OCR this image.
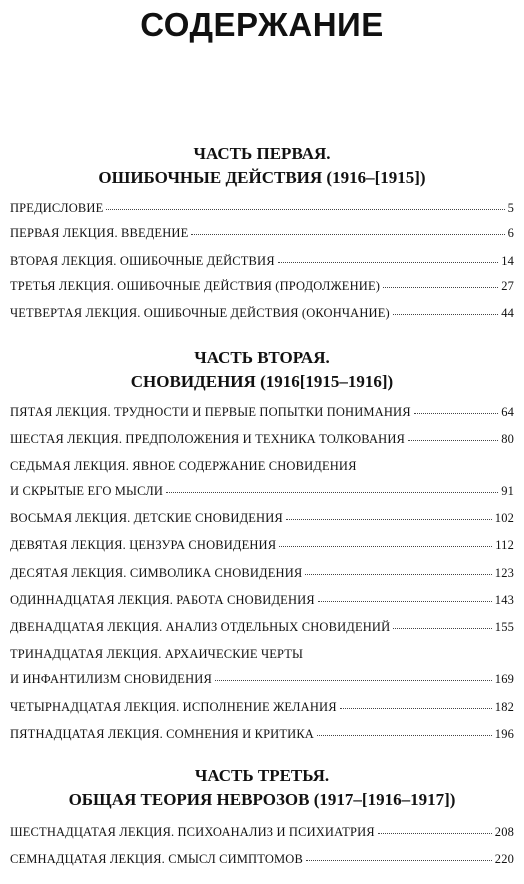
СОДЕРЖАНИЕ
ЧАСТЬ ПЕРВАЯ.
ОШИБОЧНЫЕ ДЕЙСТВИЯ (1916–[1915])
ПРЕДИСЛОВИЕ	5
ПЕРВАЯ ЛЕКЦИЯ. ВВЕДЕНИЕ	6
ВТОРАЯ ЛЕКЦИЯ. ОШИБОЧНЫЕ ДЕЙСТВИЯ	14
ТРЕТЬЯ ЛЕКЦИЯ. ОШИБОЧНЫЕ ДЕЙСТВИЯ (ПРОДОЛЖЕНИЕ)	27
ЧЕТВЕРТАЯ ЛЕКЦИЯ. ОШИБОЧНЫЕ ДЕЙСТВИЯ (ОКОНЧАНИЕ)	44
ЧАСТЬ ВТОРАЯ.
СНОВИДЕНИЯ (1916[1915–1916])
ПЯТАЯ ЛЕКЦИЯ. ТРУДНОСТИ И ПЕРВЫЕ ПОПЫТКИ ПОНИМАНИЯ	64
ШЕСТАЯ ЛЕКЦИЯ. ПРЕДПОЛОЖЕНИЯ И ТЕХНИКА ТОЛКОВАНИЯ	80
СЕДЬМАЯ ЛЕКЦИЯ. ЯВНОЕ СОДЕРЖАНИЕ СНОВИДЕНИЯ
И СКРЫТЫЕ ЕГО МЫСЛИ	91
ВОСЬМАЯ ЛЕКЦИЯ. ДЕТСКИЕ СНОВИДЕНИЯ	102
ДЕВЯТАЯ ЛЕКЦИЯ. ЦЕНЗУРА СНОВИДЕНИЯ	112
ДЕСЯТАЯ ЛЕКЦИЯ. СИМВОЛИКА СНОВИДЕНИЯ	123
ОДИННАДЦАТАЯ ЛЕКЦИЯ. РАБОТА СНОВИДЕНИЯ	143
ДВЕНАДЦАТАЯ ЛЕКЦИЯ. АНАЛИЗ ОТДЕЛЬНЫХ СНОВИДЕНИЙ	155
ТРИНАДЦАТАЯ ЛЕКЦИЯ. АРХАИЧЕСКИЕ ЧЕРТЫ
И ИНФАНТИЛИЗМ СНОВИДЕНИЯ	169
ЧЕТЫРНАДЦАТАЯ ЛЕКЦИЯ. ИСПОЛНЕНИЕ ЖЕЛАНИЯ	182
ПЯТНАДЦАТАЯ ЛЕКЦИЯ. СОМНЕНИЯ И КРИТИКА	196
ЧАСТЬ ТРЕТЬЯ.
ОБЩАЯ ТЕОРИЯ НЕВРОЗОВ (1917–[1916–1917])
ШЕСТНАДЦАТАЯ ЛЕКЦИЯ. ПСИХОАНАЛИЗ И ПСИХИАТРИЯ	208
СЕМНАДЦАТАЯ ЛЕКЦИЯ. СМЫСЛ СИМПТОМОВ	220
